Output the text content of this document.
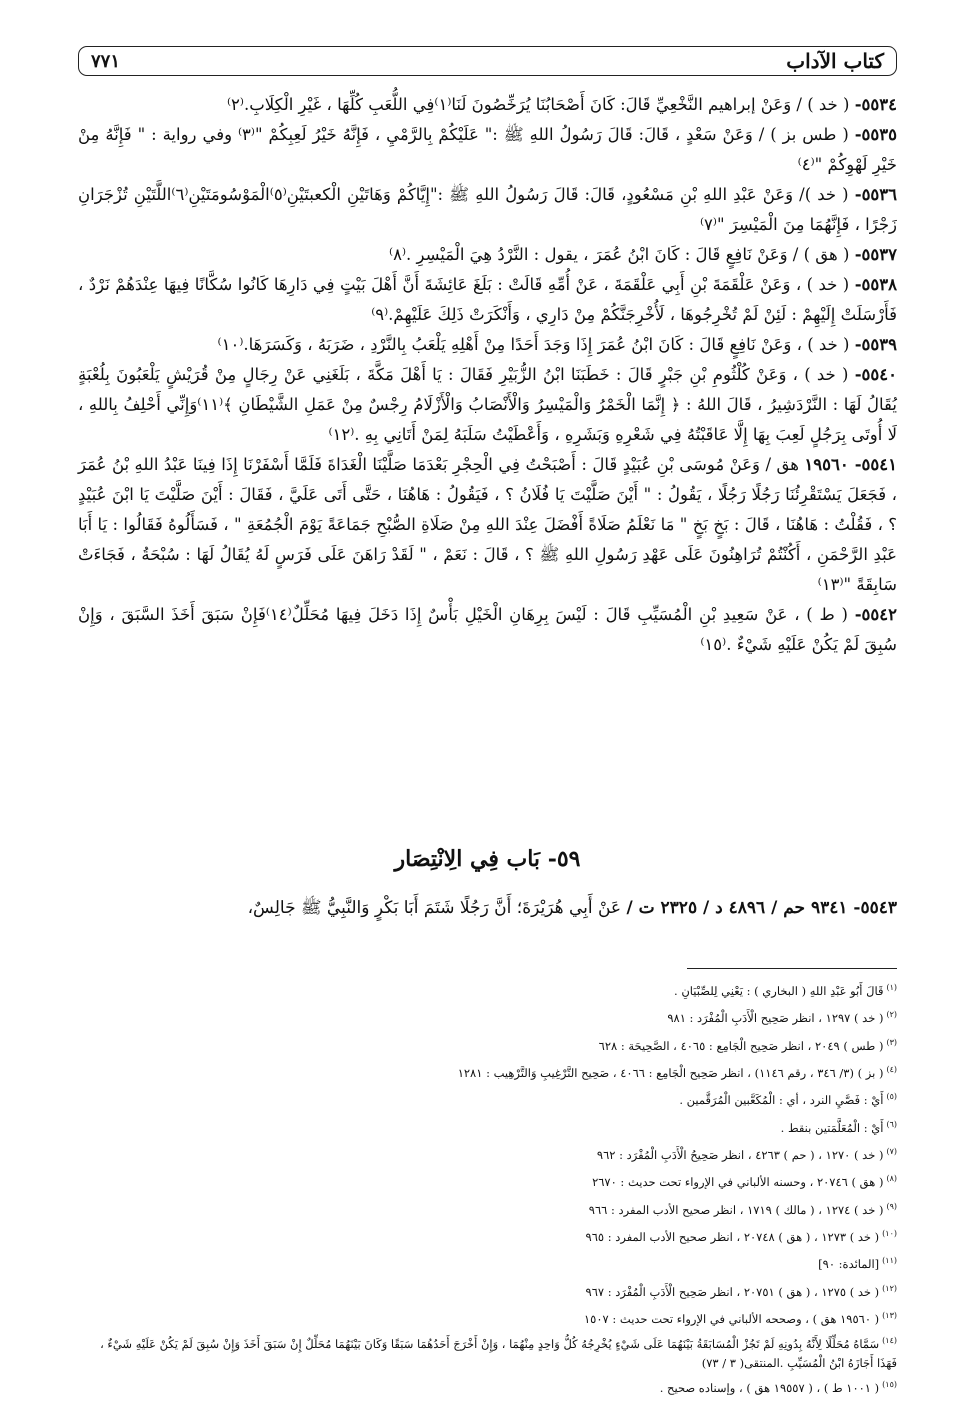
كتاب الآداب
٧٧١

٥٥٣٤- ( خد ) / وَعَنْ إبراهيم النَّخْعِيِّ قَالَ: كَانَ أَصْحَابُنَا يُرَخِّصُونَ لَنَا⁽١⁾فِي اللُّعَبِ كُلِّهَا ، غَيْرِ الْكِلَابِ.⁽٢⁾

٥٥٣٥- ( طس بز ) / وَعَنْ سَعْدٍ ، قَالَ: قَالَ رَسُولُ اللهِ ﷺ :" عَلَيْكُمْ بِالرَّمْيِ ، فَإِنَّهُ خَيْرُ لَعِبِكُمْ "⁽٣⁾ وفي رواية : " فَإِنَّهُ مِنْ خَيْرِ لَهْوِكُمْ "⁽٤⁾

٥٥٣٦- ( خد )/ وَعَنْ عَبْدِ اللهِ بْنِ مَسْعُودٍ، قَالَ: قَالَ رَسُولُ اللهِ ﷺ :"إِيَّاكُمْ وَهَاتَيْنِ الْكعبتَيْنِ⁽٥⁾الْمَوْسُومَتَيْنِ⁽٦⁾اللَّتَيْنِ تُزْجَرَانِ زَجْرًا ، فَإِنَّهُمَا مِنَ الْمَيْسِرَ "⁽٧⁾

٥٥٣٧- ( هق ) / وَعَنْ نَافِعٍ قَالَ : كَانَ ابْنُ عُمَرَ ، يقول : النَّرْدُ هِيَ الْمَيْسِرِ .⁽٨⁾

٥٥٣٨- ( خد ) ، وَعَنْ عَلْقَمَةَ بْنِ أَبِي عَلْقَمَةَ ، عَنْ أُمِّهِ قَالَتْ : بَلَغَ عَائِشَةَ أَنَّ أَهْلَ بَيْتٍ فِي دَارِهَا كَانُوا سُكَّانًا فِيهَا عِنْدَهُمْ نَرْدٌ ، فَأَرْسَلَتْ إِلَيْهِمْ : لَئِنْ لَمْ تُخْرِجُوهَا ، لَأُخْرِجَنَّكُمْ مِنْ دَارِي ، وَأَنْكَرَتْ ذَلِكَ عَلَيْهِمْ.⁽٩⁾

٥٥٣٩- ( خد ) ، وَعَنْ نَافِعٍ قَالَ : كَانَ ابْنُ عُمَرَ إِذَا وَجَدَ أَحَدًا مِنْ أَهْلِهِ يَلْعَبُ بِالنَّرْدِ ، ضَرَبَهُ ، وَكَسَرَهَا.⁽١٠⁾

٥٥٤٠- ( خد ) ، وَعَنْ كُلْثُومِ بْنِ جَبْرٍ قَالَ : خَطَبَنَا ابْنُ الزُّبَيْرِ فَقَالَ : يَا أَهْلَ مَكَّةَ ، بَلَغَنِي عَنْ رِجَالٍ مِنْ قُرَيْشٍ يَلْعَبُونَ بِلُعْبَةٍ يُقَالُ لَهَا : النَّرْدَشِيرُ ، قَالَ اللهُ : ﴿ إِنَّمَا الْخَمْرُ وَالْمَيْسِرُ وَالْأَنْصَابُ وَالْأَزْلَامُ رِجْسٌ مِنْ عَمَلِ الشَّيْطَانِ ﴾⁽١١⁾وَإِنِّي أَحْلِفُ بِاللهِ ، لَا أُوتَى بِرَجُلٍ لَعِبَ بِهَا إِلَّا عَاقَبْتُهُ فِي شَعْرِهِ وَبَشَرِهِ ، وَأَعْطَيْتُ سَلَبَهُ لِمَنْ أَتَانِي بِهِ .⁽١٢⁾

٥٥٤١- ١٩٥٦٠ هق / وَعَنْ مُوسَى بْنِ عُبَيْدٍ قَالَ : أَصْبَحْتُ فِي الْحِجْرِ بَعْدَمَا صَلَّيْنَا الْغَدَاةَ فَلَمَّا أَسْفَرْنَا إِذَا فِينَا عَبْدُ اللهِ بْنُ عُمَرَ ، فَجَعَلَ يَسْتَقْرِئُنَا رَجُلًا رَجُلًا ، يَقُولُ : " أَيْنَ صَلَّيْتَ يَا فُلَانُ ؟ ، فَيَقُولُ : هَاهُنَا ، حَتَّى أَتَى عَلَيَّ ، فَقَالَ : أَيْنَ صَلَّيْتَ يَا ابْنَ عُبَيْدٍ ؟ ، فَقُلْتُ : هَاهُنَا ، قَالَ : بَخٍ بَخٍ " مَا نَعْلَمُ صَلَاةً أَفْضَلَ عِنْدَ اللهِ مِنْ صَلَاةِ الصُّبْحِ جَمَاعَةً يَوْمَ الْجُمُعَةِ " ، فَسَأَلُوهُ فَقَالُوا : يَا أَبَا عَبْدِ الرَّحْمَنِ ، أَكُنْتُمْ تُرَاهِنُونَ عَلَى عَهْدِ رَسُولِ اللهِ ﷺ ؟ ، قَالَ : نَعَمْ ، " لَقَدْ رَاهَنَ عَلَى فَرَسٍ لَهُ يُقَالُ لَهَا : سُبْحَةُ ، فَجَاءَتْ سَابِقَةً "⁽١٣⁾

٥٥٤٢- ( ط ) ، عَنْ سَعِيدِ بْنِ الْمُسَيِّبِ قَالَ : لَيْسَ بِرِهَانِ الْخَيْلِ بَأْسٌ إِذَا دَخَلَ فِيهَا مُحَلِّلٌ⁽١٤⁾فَإِنْ سَبَقَ أَخَذَ السَّبَقَ ، وَإِنْ سُبِقَ لَمْ يَكُنْ عَلَيْهِ شَيْءٌ .⁽١٥⁾

٥٩- بَاب فِي الِانْتِصَار
٥٥٤٣- ٩٣٤١ حم / ٤٨٩٦ د / ٢٣٢٥ ت / عَنْ أَبِي هُرَيْرَةَ؛ أَنَّ رَجُلًا شَتَمَ أَبَا بَكْرٍ وَالنَّبِيُّ ﷺ جَالِسٌ،

$^{(١)}$قَالَ أَبُو عَبْدِ اللهِ ( البخاري ) : يَعْنِي لِلصِّبْيَانِ .

$^{(٢)}$( خد ) ١٢٩٧ ، انظر صَحِيح الْأَدَبِ الْمُفْرَد : ٩٨١

$^{(٣)}$( طس ) ٢٠٤٩ ، انظر صَحِيح الْجَامِع : ٤٠٦٥ ، الصَّحِيحَة : ٦٢٨

$^{(٤)}$( بز ) (٣/ ٣٤٦ ، رقم ١١٤٦) ، انظر صَحِيح الْجَامِع : ٤٠٦٦ ، صَحِيح التَّرْغِيبِ وَالتَّرْهِيب : ١٢٨١

$^{(٥)}$أَيْ : فَصَّيِ النرد ، أي : الْمُكَعَّبين الْمُرَقَّمين .

$^{(٦)}$أَيْ : الْمُعَلَّمَتين بنقط .

$^{(٧)}$( خد ) ١٢٧٠ ، ( حم ) ٤٢٦٣ ، انظر صَحِيحُ الْأَدَبِ الْمُفْرَد : ٩٦٢

$^{(٨)}$( هق ) ٢٠٧٤٦ ، وحسنه الألباني في الإرواء تحت حديث : ٢٦٧٠

$^{(٩)}$( خد ) ١٢٧٤ ، ( مالك ) ١٧١٩ ، انظر صحيح الأدب المفرد : ٩٦٦

$^{(١٠)}$( خد ) ١٢٧٣ ، ( هق ) ٢٠٧٤٨ ، انظر صحيح الأدب المفرد : ٩٦٥

$^{(١١)}$[المائدة: ٩٠]

$^{(١٢)}$( خد ) ١٢٧٥ ، ( هق ) ٢٠٧٥١ ، انظر صَحِيح الْأَدَبِ الْمُفْرَد : ٩٦٧

$^{(١٣)}$( ١٩٥٦٠ هق ) ، وصححه الألباني في الإرواء تحت حديث : ١٥٠٧

$^{(١٤)}$سَمَّاهُ مُحَلِّلًا لِأَنَّهُ بِدُونِهِ لَمْ تَجُزْ الْمُسَابَقَةُ بَيْنَهُمَا عَلَى شَيْءٍ يُخْرِجُهُ كُلُّ وَاحِدٍ مِنْهُمَا ، وَإِنْ أَخْرَجَ أَحَدُهُمَا سَبَقًا وَكَانَ بَيْنَهُمَا مُحَلِّلٌ إِنْ سَبَقَ أَخَذَ وَإِنْ سُبِقَ لَمْ يَكُنْ عَلَيْهِ شَيْءٌ ، فَهَذَا أَجَازَهُ ابْنُ الْمُسَيِّبِ .المنتقى( ٣ / ٧٣)

$^{(١٥)}$( ١٠٠١ ط ) ، ( ١٩٥٥٧ هق ) ، وإسناده صحيح .
